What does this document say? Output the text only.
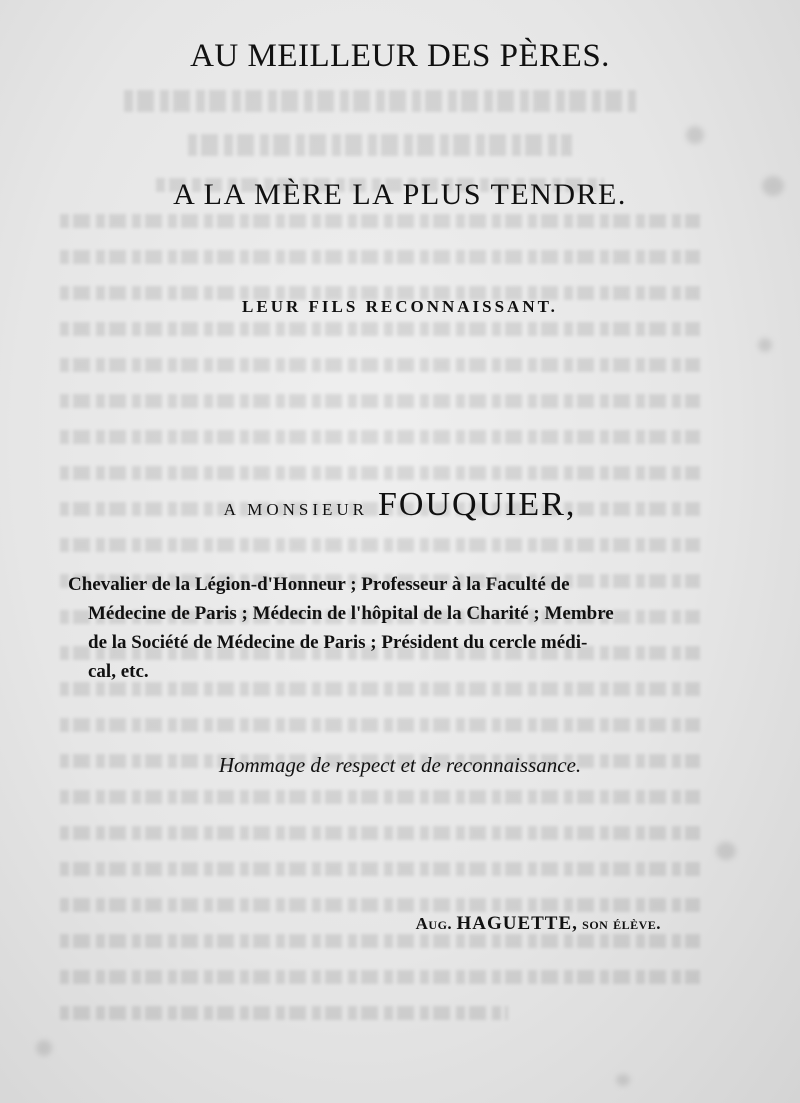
AU MEILLEUR DES PÈRES.
A LA MÈRE LA PLUS TENDRE.
LEUR FILS RECONNAISSANT.
A MONSIEUR FOUQUIER,
Chevalier de la Légion-d'Honneur ; Professeur à la Faculté de
Médecine de Paris ; Médecin de l'hôpital de la Charité ; Membre
de la Société de Médecine de Paris ; Président du cercle médi-
cal, etc.
Hommage de respect et de reconnaissance.
Aug. HAGUETTE, son élève.
